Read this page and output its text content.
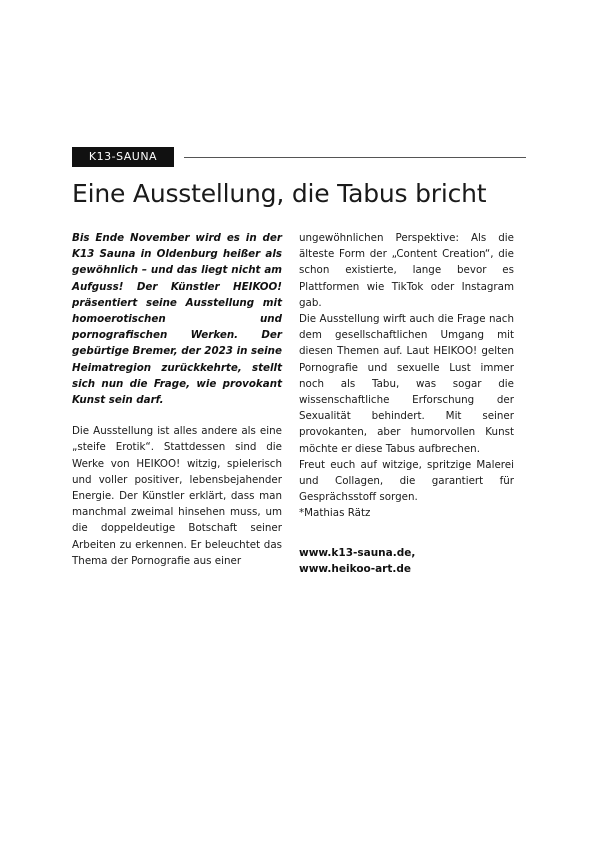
K13-SAUNA
Eine Ausstellung, die Tabus bricht

Bis Ende November wird es in der K13 Sauna in Oldenburg heißer als gewöhnlich – und das liegt nicht am Aufguss! Der Künstler HEIKOO! präsentiert seine Ausstellung mit homoerotischen und pornografischen Werken. Der gebürtige Bremer, der 2023 in seine Heimatregion zurückkehrte, stellt sich nun die Frage, wie provokant Kunst sein darf.

Die Ausstellung ist alles andere als eine „steife Erotik“. Stattdessen sind die Werke von HEIKOO! witzig, spielerisch und voller positiver, lebensbejahender Energie. Der Künstler erklärt, dass man manchmal zweimal hinsehen muss, um die doppeldeutige Botschaft seiner Arbeiten zu erkennen. Er beleuchtet das Thema der Pornografie aus einer

ungewöhnlichen Perspektive: Als die älteste Form der „Content Creation“, die schon existierte, lange bevor es Plattformen wie TikTok oder Instagram gab.

Die Ausstellung wirft auch die Frage nach dem gesellschaftlichen Umgang mit diesen Themen auf. Laut HEIKOO! gelten Pornografie und sexuelle Lust immer noch als Tabu, was sogar die wissenschaftliche Erforschung der Sexualität behindert. Mit seiner provokanten, aber humorvollen Kunst möchte er diese Tabus aufbrechen.

Freut euch auf witzige, spritzige Malerei und Collagen, die garantiert für Gesprächsstoff sorgen.

*Mathias Rätz

www.k13-sauna.de,
www.heikoo-art.de
